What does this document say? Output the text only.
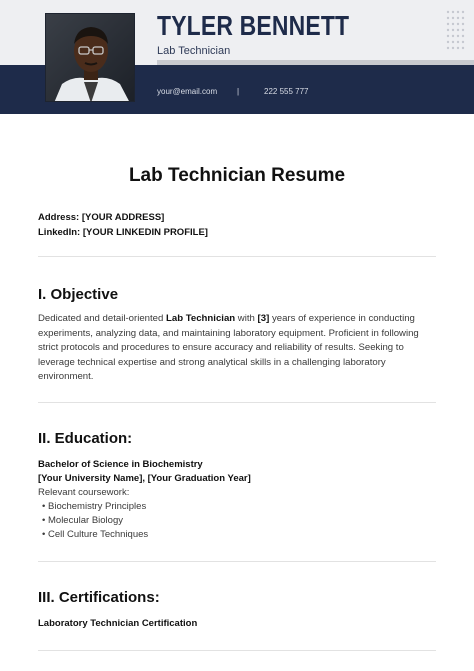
TYLER BENNETT
Lab Technician
your@email.com |	222 555 777
Lab Technician Resume
Address: [YOUR ADDRESS]
LinkedIn: [YOUR LINKEDIN PROFILE]
I. Objective
Dedicated and detail-oriented Lab Technician with [3] years of experience in conducting experiments, analyzing data, and maintaining laboratory equipment. Proficient in following strict protocols and procedures to ensure accuracy and reliability of results. Seeking to leverage technical expertise and strong analytical skills in a challenging laboratory environment.
II. Education:
Bachelor of Science in Biochemistry
[Your University Name], [Your Graduation Year]
Relevant coursework:
• Biochemistry Principles
• Molecular Biology
• Cell Culture Techniques
III. Certifications:
Laboratory Technician Certification
